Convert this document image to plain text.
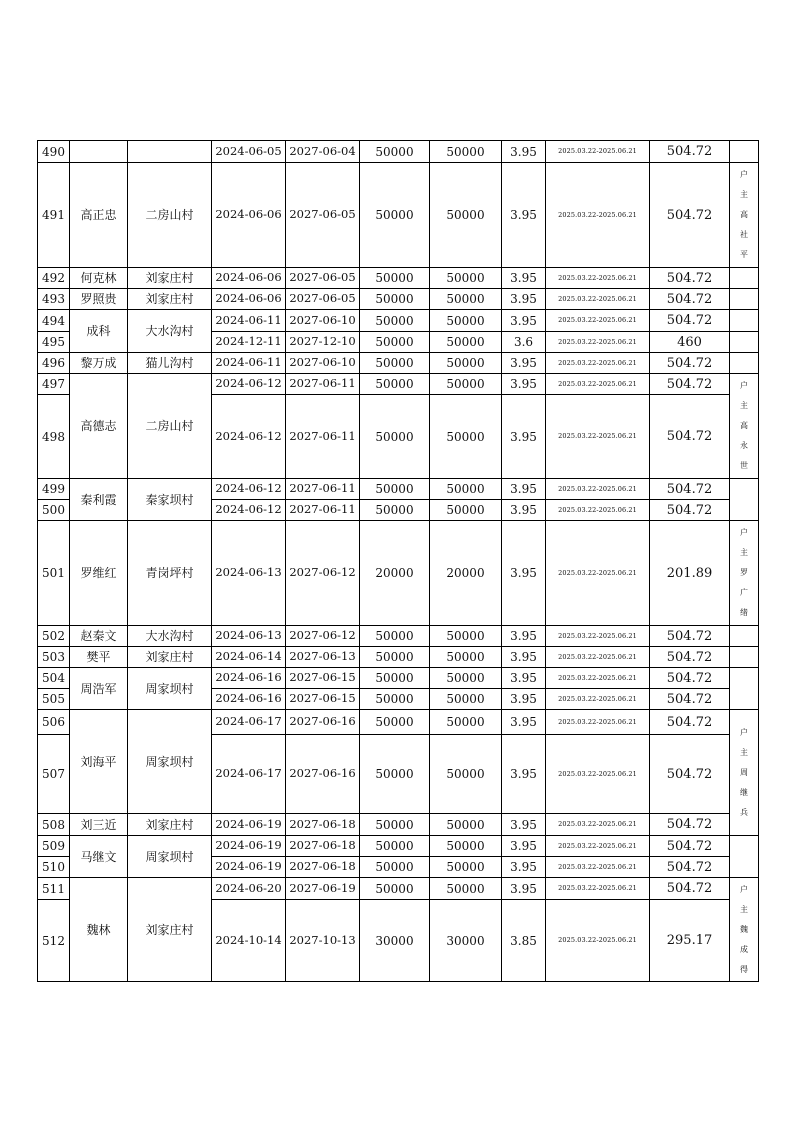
490			2024-06-05	2027-06-04	50000	50000	3.95	2025.03.22-2025.06.21	504.72	
491	高正忠	二房山村	2024-06-06	2027-06-05	50000	50000	3.95	2025.03.22-2025.06.21	504.72	户
主
高
社
平

492	何克林	刘家庄村	2024-06-06	2027-06-05	50000	50000	3.95	2025.03.22-2025.06.21	504.72	
493	罗照贵	刘家庄村	2024-06-06	2027-06-05	50000	50000	3.95	2025.03.22-2025.06.21	504.72	
494	成科	大水沟村	2024-06-11	2027-06-10	50000	50000	3.95	2025.03.22-2025.06.21	504.72	
495			2024-12-11	2027-12-10	50000	50000	3.6	2025.03.22-2025.06.21	460	
496	黎万成	猫儿沟村	2024-06-11	2027-06-10	50000	50000	3.95	2025.03.22-2025.06.21	504.72	
497	高德志	二房山村	2024-06-12	2027-06-11	50000	50000	3.95	2025.03.22-2025.06.21	504.72	户
主
高
永
世

498			2024-06-12	2027-06-11	50000	50000	3.95	2025.03.22-2025.06.21	504.72	
499	秦利霞	秦家坝村	2024-06-12	2027-06-11	50000	50000	3.95	2025.03.22-2025.06.21	504.72	
500			2024-06-12	2027-06-11	50000	50000	3.95	2025.03.22-2025.06.21	504.72	
501	罗维红	青岗坪村	2024-06-13	2027-06-12	20000	20000	3.95	2025.03.22-2025.06.21	201.89	户
主
罗
广
绪

502	赵秦文	大水沟村	2024-06-13	2027-06-12	50000	50000	3.95	2025.03.22-2025.06.21	504.72	
503	樊平	刘家庄村	2024-06-14	2027-06-13	50000	50000	3.95	2025.03.22-2025.06.21	504.72	
504	周浩军	周家坝村	2024-06-16	2027-06-15	50000	50000	3.95	2025.03.22-2025.06.21	504.72	
505			2024-06-16	2027-06-15	50000	50000	3.95	2025.03.22-2025.06.21	504.72	
506	刘海平	周家坝村	2024-06-17	2027-06-16	50000	50000	3.95	2025.03.22-2025.06.21	504.72	户
主
周
继
兵

507			2024-06-17	2027-06-16	50000	50000	3.95	2025.03.22-2025.06.21	504.72	
508	刘三近	刘家庄村	2024-06-19	2027-06-18	50000	50000	3.95	2025.03.22-2025.06.21	504.72	
509	马继文	周家坝村	2024-06-19	2027-06-18	50000	50000	3.95	2025.03.22-2025.06.21	504.72	
510			2024-06-19	2027-06-18	50000	50000	3.95	2025.03.22-2025.06.21	504.72	
511	魏林	刘家庄村	2024-06-20	2027-06-19	50000	50000	3.95	2025.03.22-2025.06.21	504.72	户
主
魏
成
得

512			2024-10-14	2027-10-13	30000	30000	3.85	2025.03.22-2025.06.21	295.17	
